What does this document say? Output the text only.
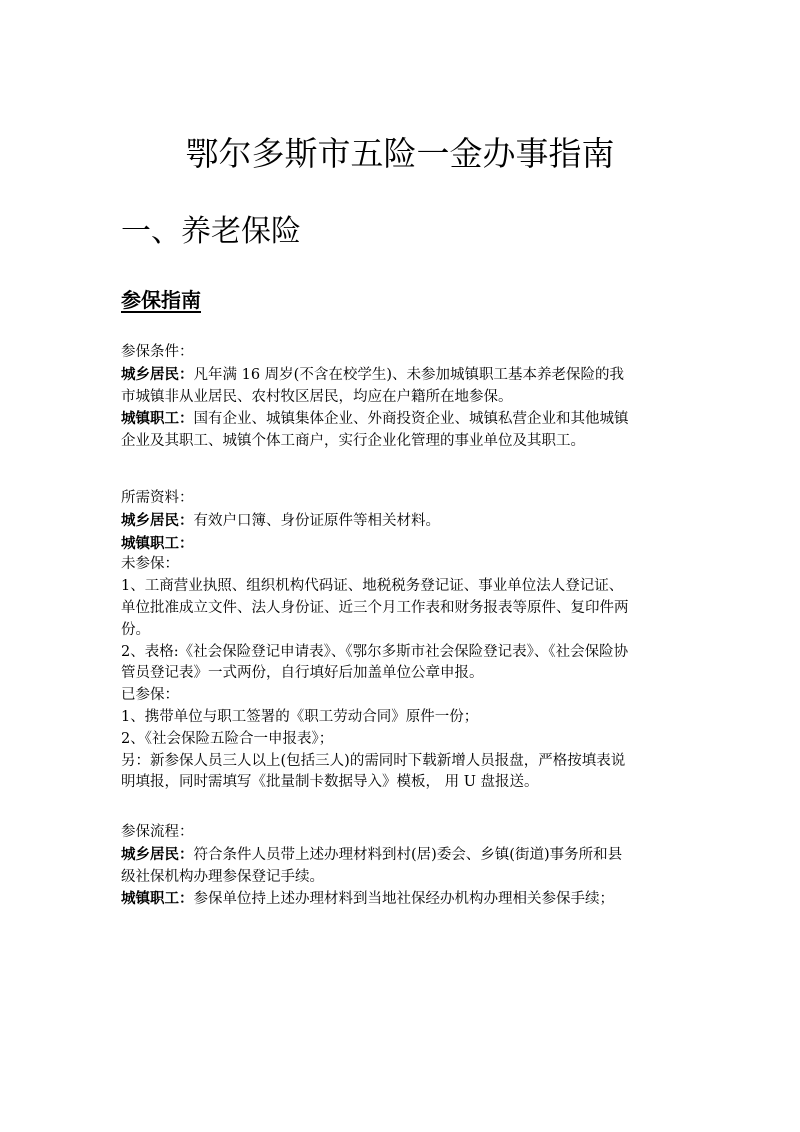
鄂尔多斯市五险一金办事指南
一、养老保险
参保指南
参保条件：
城乡居民：凡年满 16 周岁(不含在校学生)、未参加城镇职工基本养老保险的我
市城镇非从业居民、农村牧区居民，均应在户籍所在地参保。
城镇职工：国有企业、城镇集体企业、外商投资企业、城镇私营企业和其他城镇
企业及其职工、城镇个体工商户，实行企业化管理的事业单位及其职工。
所需资料：
城乡居民：有效户口簿、身份证原件等相关材料。
城镇职工：
未参保：
1、工商营业执照、组织机构代码证、地税税务登记证、事业单位法人登记证、
单位批准成立文件、法人身份证、近三个月工作表和财务报表等原件、复印件两
份。
2、表格:《社会保险登记申请表》、《鄂尔多斯市社会保险登记表》、《社会保险协
管员登记表》一式两份，自行填好后加盖单位公章申报。
已参保：
1、携带单位与职工签署的《职工劳动合同》原件一份；
2、《社会保险五险合一申报表》；
另：新参保人员三人以上(包括三人)的需同时下载新增人员报盘，严格按填表说
明填报，同时需填写《批量制卡数据导入》模板， 用 U 盘报送。
参保流程：
城乡居民：符合条件人员带上述办理材料到村(居)委会、乡镇(街道)事务所和县
级社保机构办理参保登记手续。
城镇职工：参保单位持上述办理材料到当地社保经办机构办理相关参保手续；
